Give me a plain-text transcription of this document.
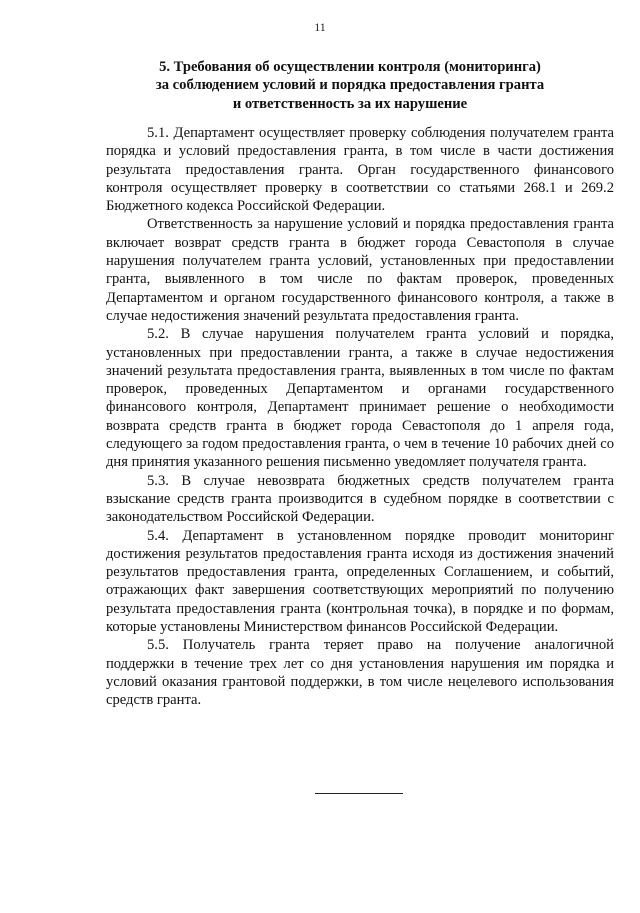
11
5. Требования об осуществлении контроля (мониторинга)
за соблюдением условий и порядка предоставления гранта
и ответственность за их нарушение

5.1. Департамент осуществляет проверку соблюдения получателем гранта порядка и условий предоставления гранта, в том числе в части достижения результата предоставления гранта. Орган государственного финансового контроля осуществляет проверку в соответствии со статьями 268.1 и 269.2 Бюджетного кодекса Российской Федерации.

Ответственность за нарушение условий и порядка предоставления гранта включает возврат средств гранта в бюджет города Севастополя в случае нарушения получателем гранта условий, установленных при предоставлении гранта, выявленного в том числе по фактам проверок, проведенных Департаментом и органом государственного финансового контроля, а также в случае недостижения значений результата предоставления гранта.

5.2. В случае нарушения получателем гранта условий и порядка, установленных при предоставлении гранта, а также в случае недостижения значений результата предоставления гранта, выявленных в том числе по фактам проверок, проведенных Департаментом и органами государственного финансового контроля, Департамент принимает решение о необходимости возврата средств гранта в бюджет города Севастополя до 1 апреля года, следующего за годом предоставления гранта, о чем в течение 10 рабочих дней со дня принятия указанного решения письменно уведомляет получателя гранта.

5.3. В случае невозврата бюджетных средств получателем гранта взыскание средств гранта производится в судебном порядке в соответствии с законодательством Российской Федерации.

5.4. Департамент в установленном порядке проводит мониторинг достижения результатов предоставления гранта исходя из достижения значений результатов предоставления гранта, определенных Соглашением, и событий, отражающих факт завершения соответствующих мероприятий по получению результата предоставления гранта (контрольная точка), в порядке и по формам, которые установлены Министерством финансов Российской Федерации.

5.5. Получатель гранта теряет право на получение аналогичной поддержки в течение трех лет со дня установления нарушения им порядка и условий оказания грантовой поддержки, в том числе нецелевого использования средств гранта.
